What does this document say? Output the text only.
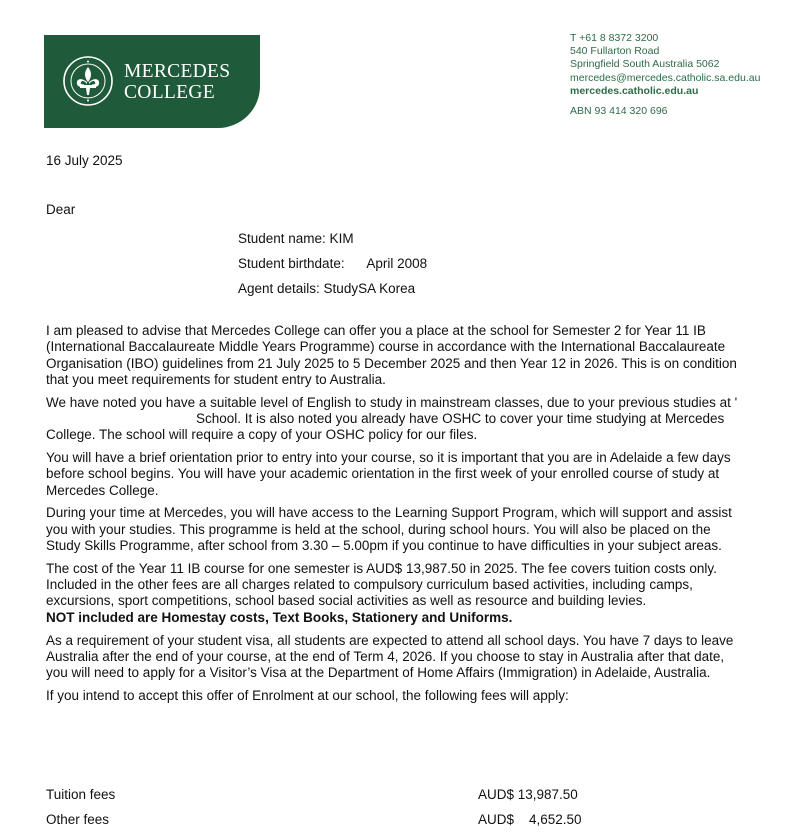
MERCEDES
COLLEGE
T +61 8 8372 3200
540 Fullarton Road
Springfield South Australia 5062
mercedes@mercedes.catholic.sa.edu.au
mercedes.catholic.edu.au
ABN 93 414 320 696
16 July 2025
Dear
Student name: KIM
Student birthdate:      April 2008
Agent details: StudySA Korea

I am pleased to advise that Mercedes College can offer you a place at the school for Semester 2 for Year 11 IB (International Baccalaureate Middle Years Programme) course in accordance with the International Baccalaureate Organisation (IBO) guidelines from 21 July 2025 to 5 December 2025 and then Year 12 in 2026. This is on condition that you meet requirements for student entry to Australia.

We have noted you have a suitable level of English to study in mainstream classes, due to your previous studies at 'School. It is also noted you already have OSHC to cover your time studying at Mercedes College. The school will require a copy of your OSHC policy for our files.

You will have a brief orientation prior to entry into your course, so it is important that you are in Adelaide a few days before school begins. You will have your academic orientation in the first week of your enrolled course of study at Mercedes College.

During your time at Mercedes, you will have access to the Learning Support Program, which will support and assist you with your studies. This programme is held at the school, during school hours. You will also be placed on the Study Skills Programme, after school from 3.30 – 5.00pm if you continue to have difficulties in your subject areas.

The cost of the Year 11 IB course for one semester is AUD$ 13,987.50 in 2025. The fee covers tuition costs only. Included in the other fees are all charges related to compulsory curriculum based activities, including camps, excursions, sport competitions, school based social activities as well as resource and building levies.
NOT included are Homestay costs, Text Books, Stationery and Uniforms.

As a requirement of your student visa, all students are expected to attend all school days. You have 7 days to leave Australia after the end of your course, at the end of Term 4, 2026. If you choose to stay in Australia after that date, you will need to apply for a Visitor’s Visa at the Department of Home Affairs (Immigration) in Adelaide, Australia.

If you intend to accept this offer of Enrolment at our school, the following fees will apply:

Tuition fees	AUD$ 13,987.50
Other fees	AUD$    4,652.50
